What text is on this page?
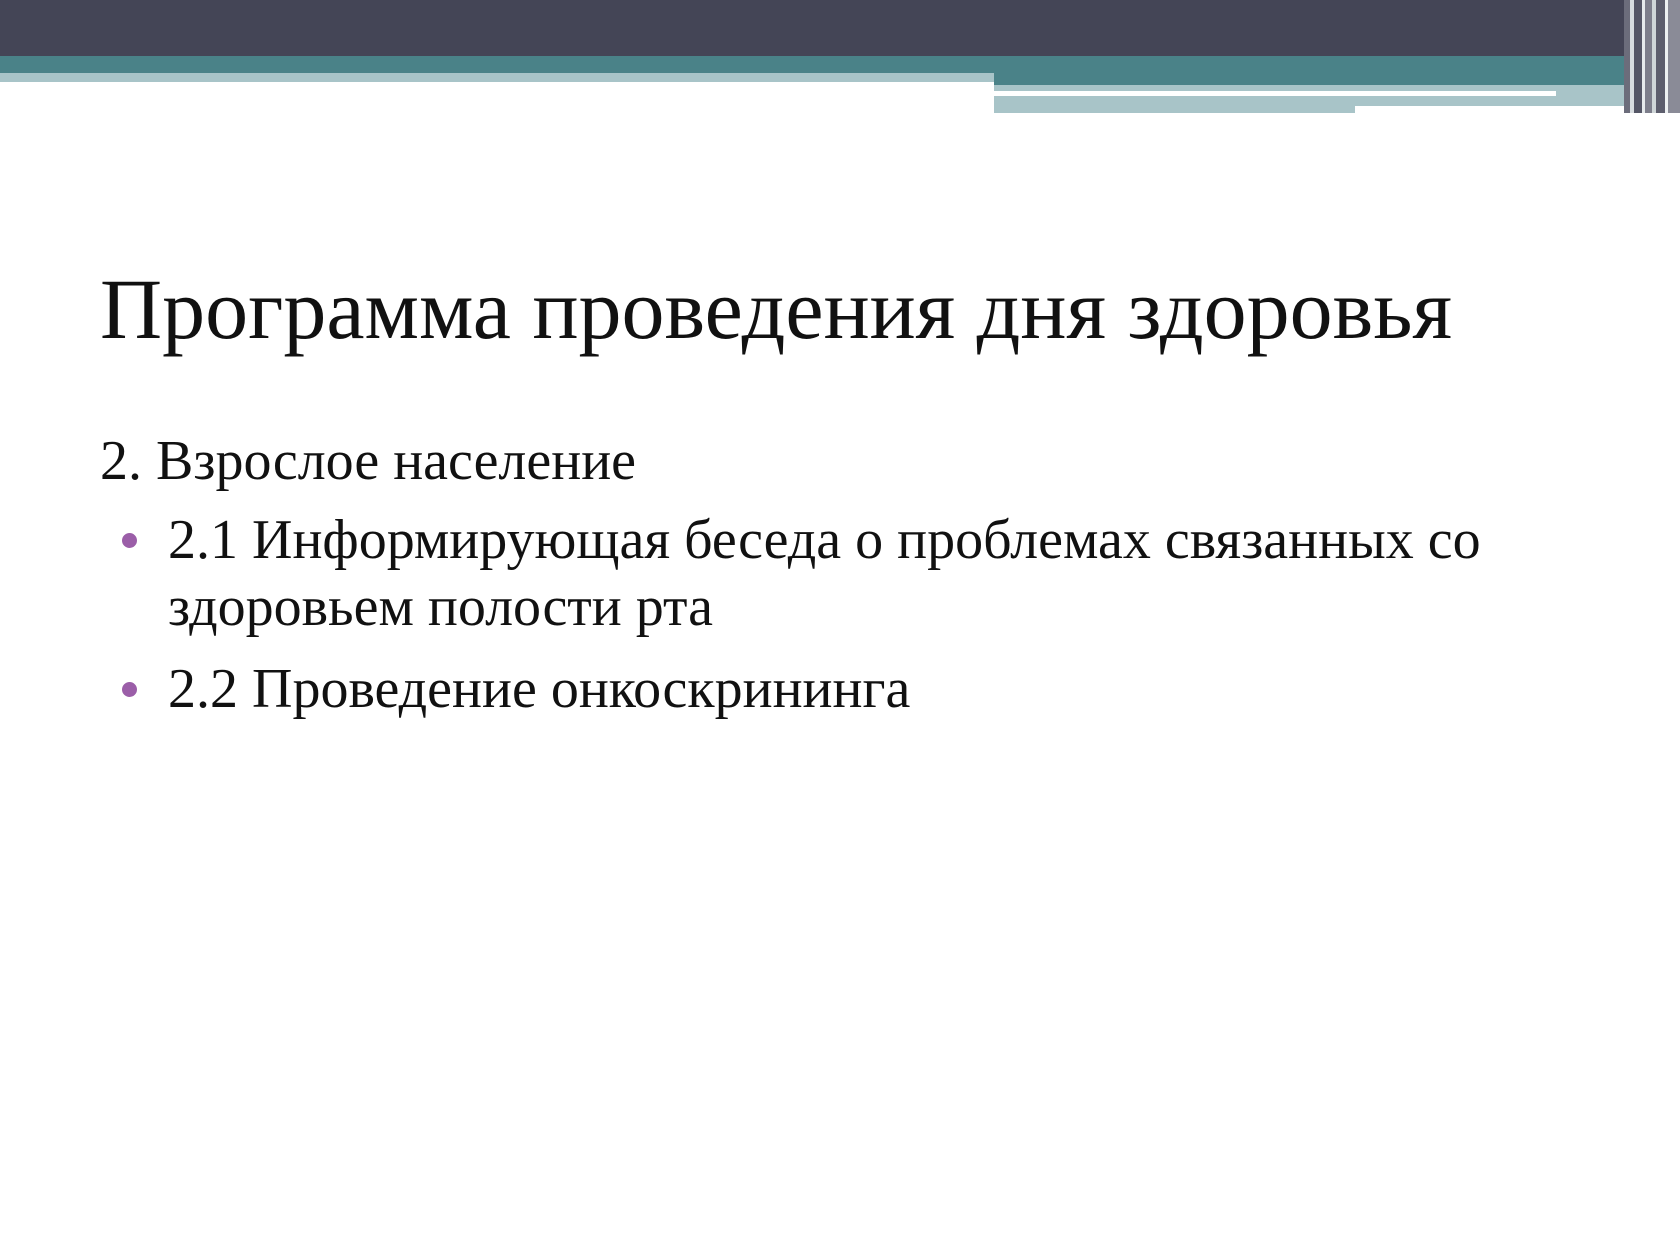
Программа проведения дня здоровья

2. Взрослое население

2.1 Информирующая беседа о проблемах связанных со здоровьем полости рта
2.2 Проведение онкоскрининга
